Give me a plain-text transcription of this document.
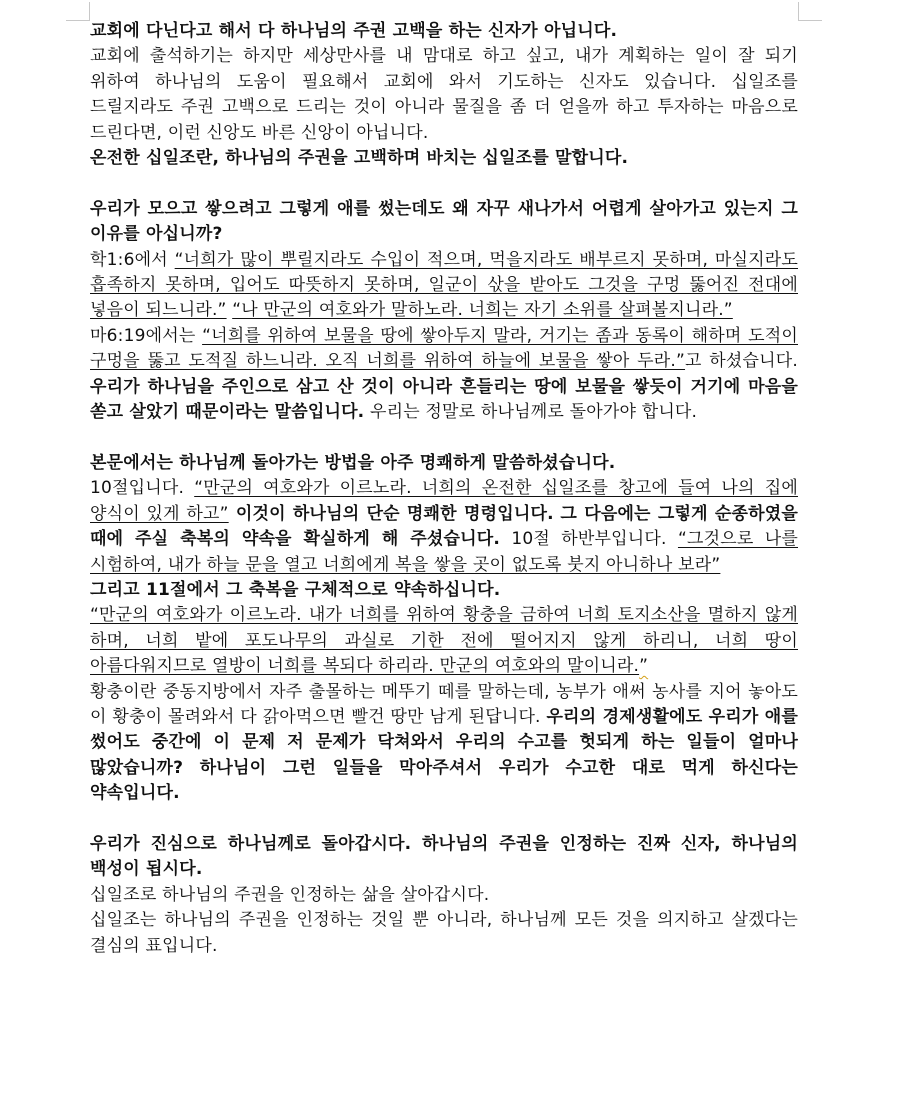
교회에 다닌다고 해서 다 하나님의 주권 고백을 하는 신자가 아닙니다.

교회에 출석하기는 하지만 세상만사를 내 맘대로 하고 싶고, 내가 계획하는 일이 잘 되기 위하여 하나님의 도움이 필요해서 교회에 와서 기도하는 신자도 있습니다. 십일조를 드릴지라도 주권 고백으로 드리는 것이 아니라 물질을 좀 더 얻을까 하고 투자하는 마음으로 드린다면, 이런 신앙도 바른 신앙이 아닙니다.

온전한 십일조란, 하나님의 주권을 고백하며 바치는 십일조를 말합니다.

우리가 모으고 쌓으려고 그렇게 애를 썼는데도 왜 자꾸 새나가서 어렵게 살아가고 있는지 그 이유를 아십니까?

학1:6에서 “너희가 많이 뿌릴지라도 수입이 적으며, 먹을지라도 배부르지 못하며, 마실지라도 흡족하지 못하며, 입어도 따뜻하지 못하며, 일군이 삯을 받아도 그것을 구멍 뚫어진 전대에 넣음이 되느니라.” “나 만군의 여호와가 말하노라. 너희는 자기 소위를 살펴볼지니라.”

마6:19에서는 “너희를 위하여 보물을 땅에 쌓아두지 말라, 거기는 좀과 동록이 해하며 도적이 구멍을 뚫고 도적질 하느니라. 오직 너희를 위하여 하늘에 보물을 쌓아 두라.”고 하셨습니다. 우리가 하나님을 주인으로 삼고 산 것이 아니라 흔들리는 땅에 보물을 쌓듯이 거기에 마음을 쏟고 살았기 때문이라는 말씀입니다. 우리는 정말로 하나님께로 돌아가야 합니다.

본문에서는 하나님께 돌아가는 방법을 아주 명쾌하게 말씀하셨습니다.

10절입니다. “만군의 여호와가 이르노라. 너희의 온전한 십일조를 창고에 들여 나의 집에 양식이 있게 하고” 이것이 하나님의 단순 명쾌한 명령입니다. 그 다음에는 그렇게 순종하였을 때에 주실 축복의 약속을 확실하게 해 주셨습니다. 10절 하반부입니다. “그것으로 나를 시험하여, 내가 하늘 문을 열고 너희에게 복을 쌓을 곳이 없도록 붓지 아니하나 보라”

그리고 11절에서 그 축복을 구체적으로 약속하십니다.

“만군의 여호와가 이르노라. 내가 너희를 위하여 황충을 금하여 너희 토지소산을 멸하지 않게 하며, 너희 밭에 포도나무의 과실로 기한 전에 떨어지지 않게 하리니, 너희 땅이 아름다워지므로 열방이 너희를 복되다 하리라. 만군의 여호와의 말이니라.”

황충이란 중동지방에서 자주 출몰하는 메뚜기 떼를 말하는데, 농부가 애써 농사를 지어 놓아도 이 황충이 몰려와서 다 갉아먹으면 빨건 땅만 남게 된답니다. 우리의 경제생활에도 우리가 애를 썼어도 중간에 이 문제 저 문제가 닥쳐와서 우리의 수고를 헛되게 하는 일들이 얼마나 많았습니까? 하나님이 그런 일들을 막아주셔서 우리가 수고한 대로 먹게 하신다는 약속입니다.

우리가 진심으로 하나님께로 돌아갑시다. 하나님의 주권을 인정하는 진짜 신자, 하나님의 백성이 됩시다.

십일조로 하나님의 주권을 인정하는 삶을 살아갑시다.

십일조는 하나님의 주권을 인정하는 것일 뿐 아니라, 하나님께 모든 것을 의지하고 살겠다는 결심의 표입니다.
